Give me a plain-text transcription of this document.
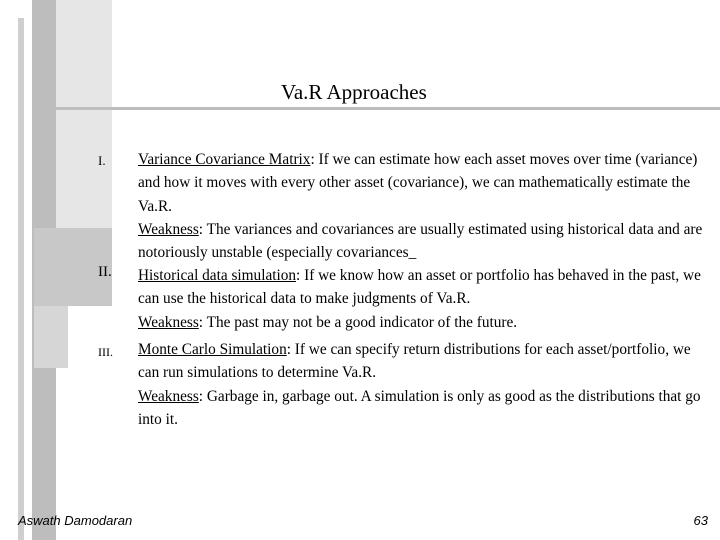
Va.R Approaches
I.
II.
III.

Variance Covariance Matrix: If we can estimate how each asset moves over time (variance) and how it moves with every other asset (covariance), we can mathematically estimate the Va.R.

Weakness: The variances and covariances are usually estimated using historical data and are notoriously unstable (especially covariances_

Historical data simulation: If we know how an asset or portfolio has behaved in the past, we can use the historical data to make judgments of Va.R.

Weakness: The past may not be a good indicator of the future.

Monte Carlo Simulation: If we can specify return distributions for each asset/portfolio, we can run simulations to determine Va.R.

Weakness: Garbage in, garbage out. A simulation is only as good as the distributions that go into it.

Aswath Damodaran	63
